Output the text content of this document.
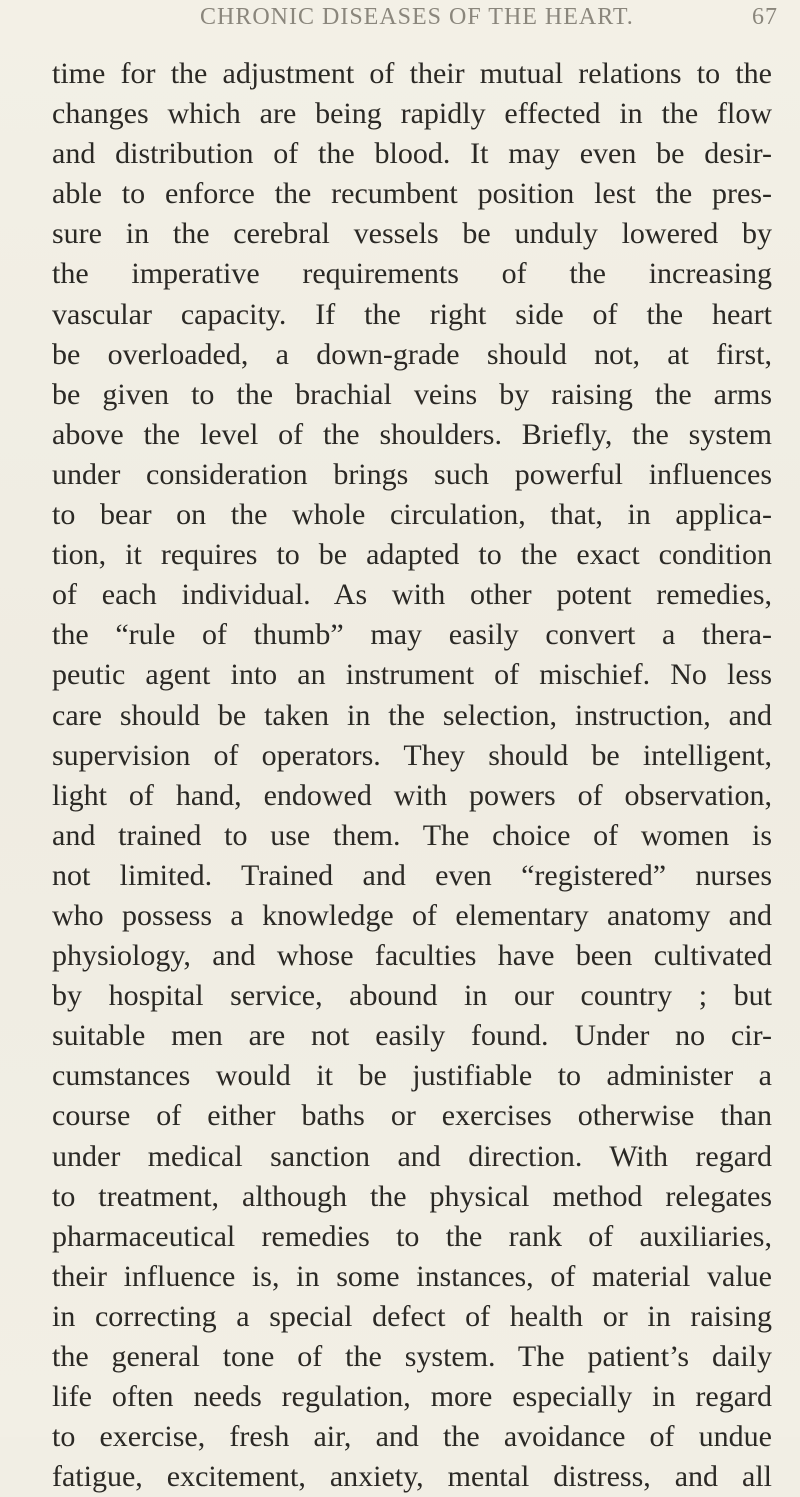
CHRONIC DISEASES OF THE HEART.	67
time for the adjustment of their mutual relations to the
changes which are being rapidly effected in the flow
and distribution of the blood. It may even be desir-
able to enforce the recumbent position lest the pres-
sure in the cerebral vessels be unduly lowered by
the imperative requirements of the increasing
vascular capacity. If the right side of the heart
be overloaded, a down-grade should not, at first,
be given to the brachial veins by raising the arms
above the level of the shoulders. Briefly, the system
under consideration brings such powerful influences
to bear on the whole circulation, that, in applica-
tion, it requires to be adapted to the exact condition
of each individual. As with other potent remedies,
the “rule of thumb” may easily convert a thera-
peutic agent into an instrument of mischief. No less
care should be taken in the selection, instruction, and
supervision of operators. They should be intelligent,
light of hand, endowed with powers of observation,
and trained to use them. The choice of women is
not limited. Trained and even “registered” nurses
who possess a knowledge of elementary anatomy and
physiology, and whose faculties have been cultivated
by hospital service, abound in our country ; but
suitable men are not easily found. Under no cir-
cumstances would it be justifiable to administer a
course of either baths or exercises otherwise than
under medical sanction and direction. With regard
to treatment, although the physical method relegates
pharmaceutical remedies to the rank of auxiliaries,
their influence is, in some instances, of material value
in correcting a special defect of health or in raising
the general tone of the system. The patient’s daily
life often needs regulation, more especially in regard
to exercise, fresh air, and the avoidance of undue
fatigue, excitement, anxiety, mental distress, and all
